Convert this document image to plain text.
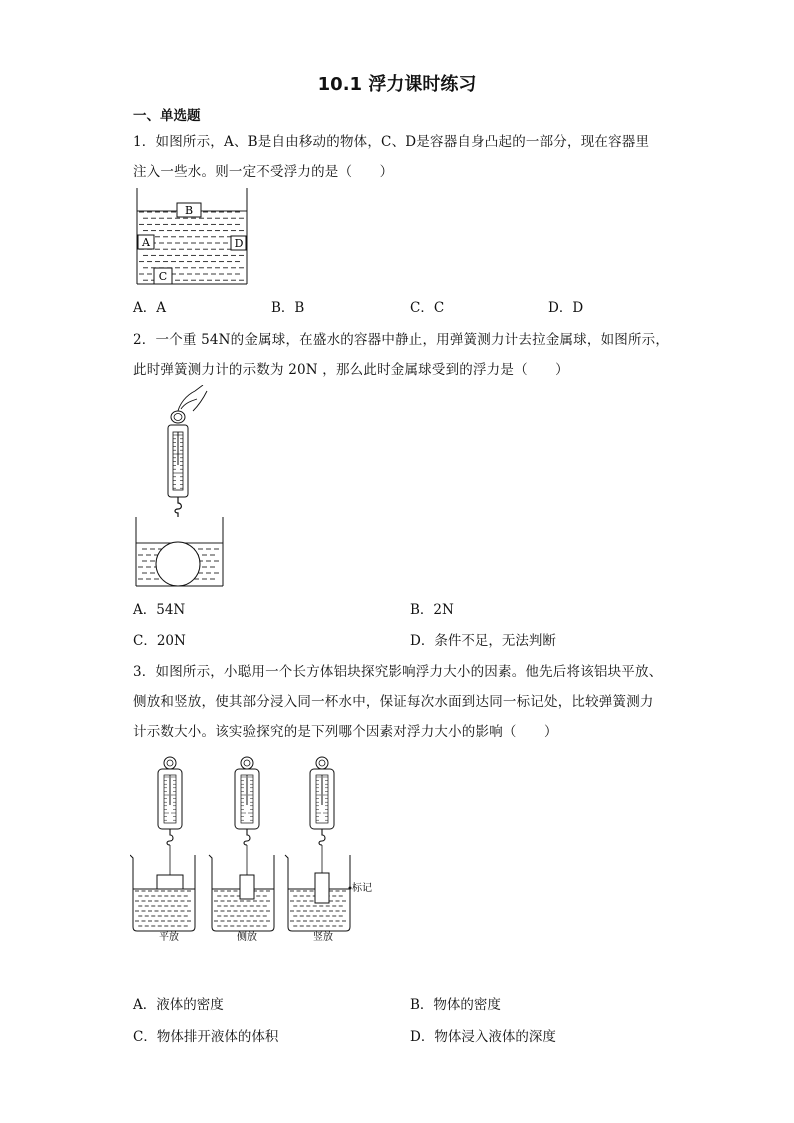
10.1 浮力课时练习
一、单选题
1．如图所示，A、B是自由移动的物体，C、D是容器自身凸起的一部分，现在容器里
注入一些水。则一定不受浮力的是（　　）
B
A	D
C
A．A	B．B	C．C	D．D
2．一个重 54N的金属球，在盛水的容器中静止，用弹簧测力计去拉金属球，如图所示，
此时弹簧测力计的示数为 20N ，那么此时金属球受到的浮力是（　　）
A．54N	B．2N
C．20N	D．条件不足，无法判断
3．如图所示，小聪用一个长方体铝块探究影响浮力大小的因素。他先后将该铝块平放、
侧放和竖放，使其部分浸入同一杯水中，保证每次水面到达同一标记处，比较弹簧测力
计示数大小。该实验探究的是下列哪个因素对浮力大小的影响（　　）
标记
平放	侧放	竖放
A．液体的密度	B．物体的密度
C．物体排开液体的体积	D．物体浸入液体的深度
